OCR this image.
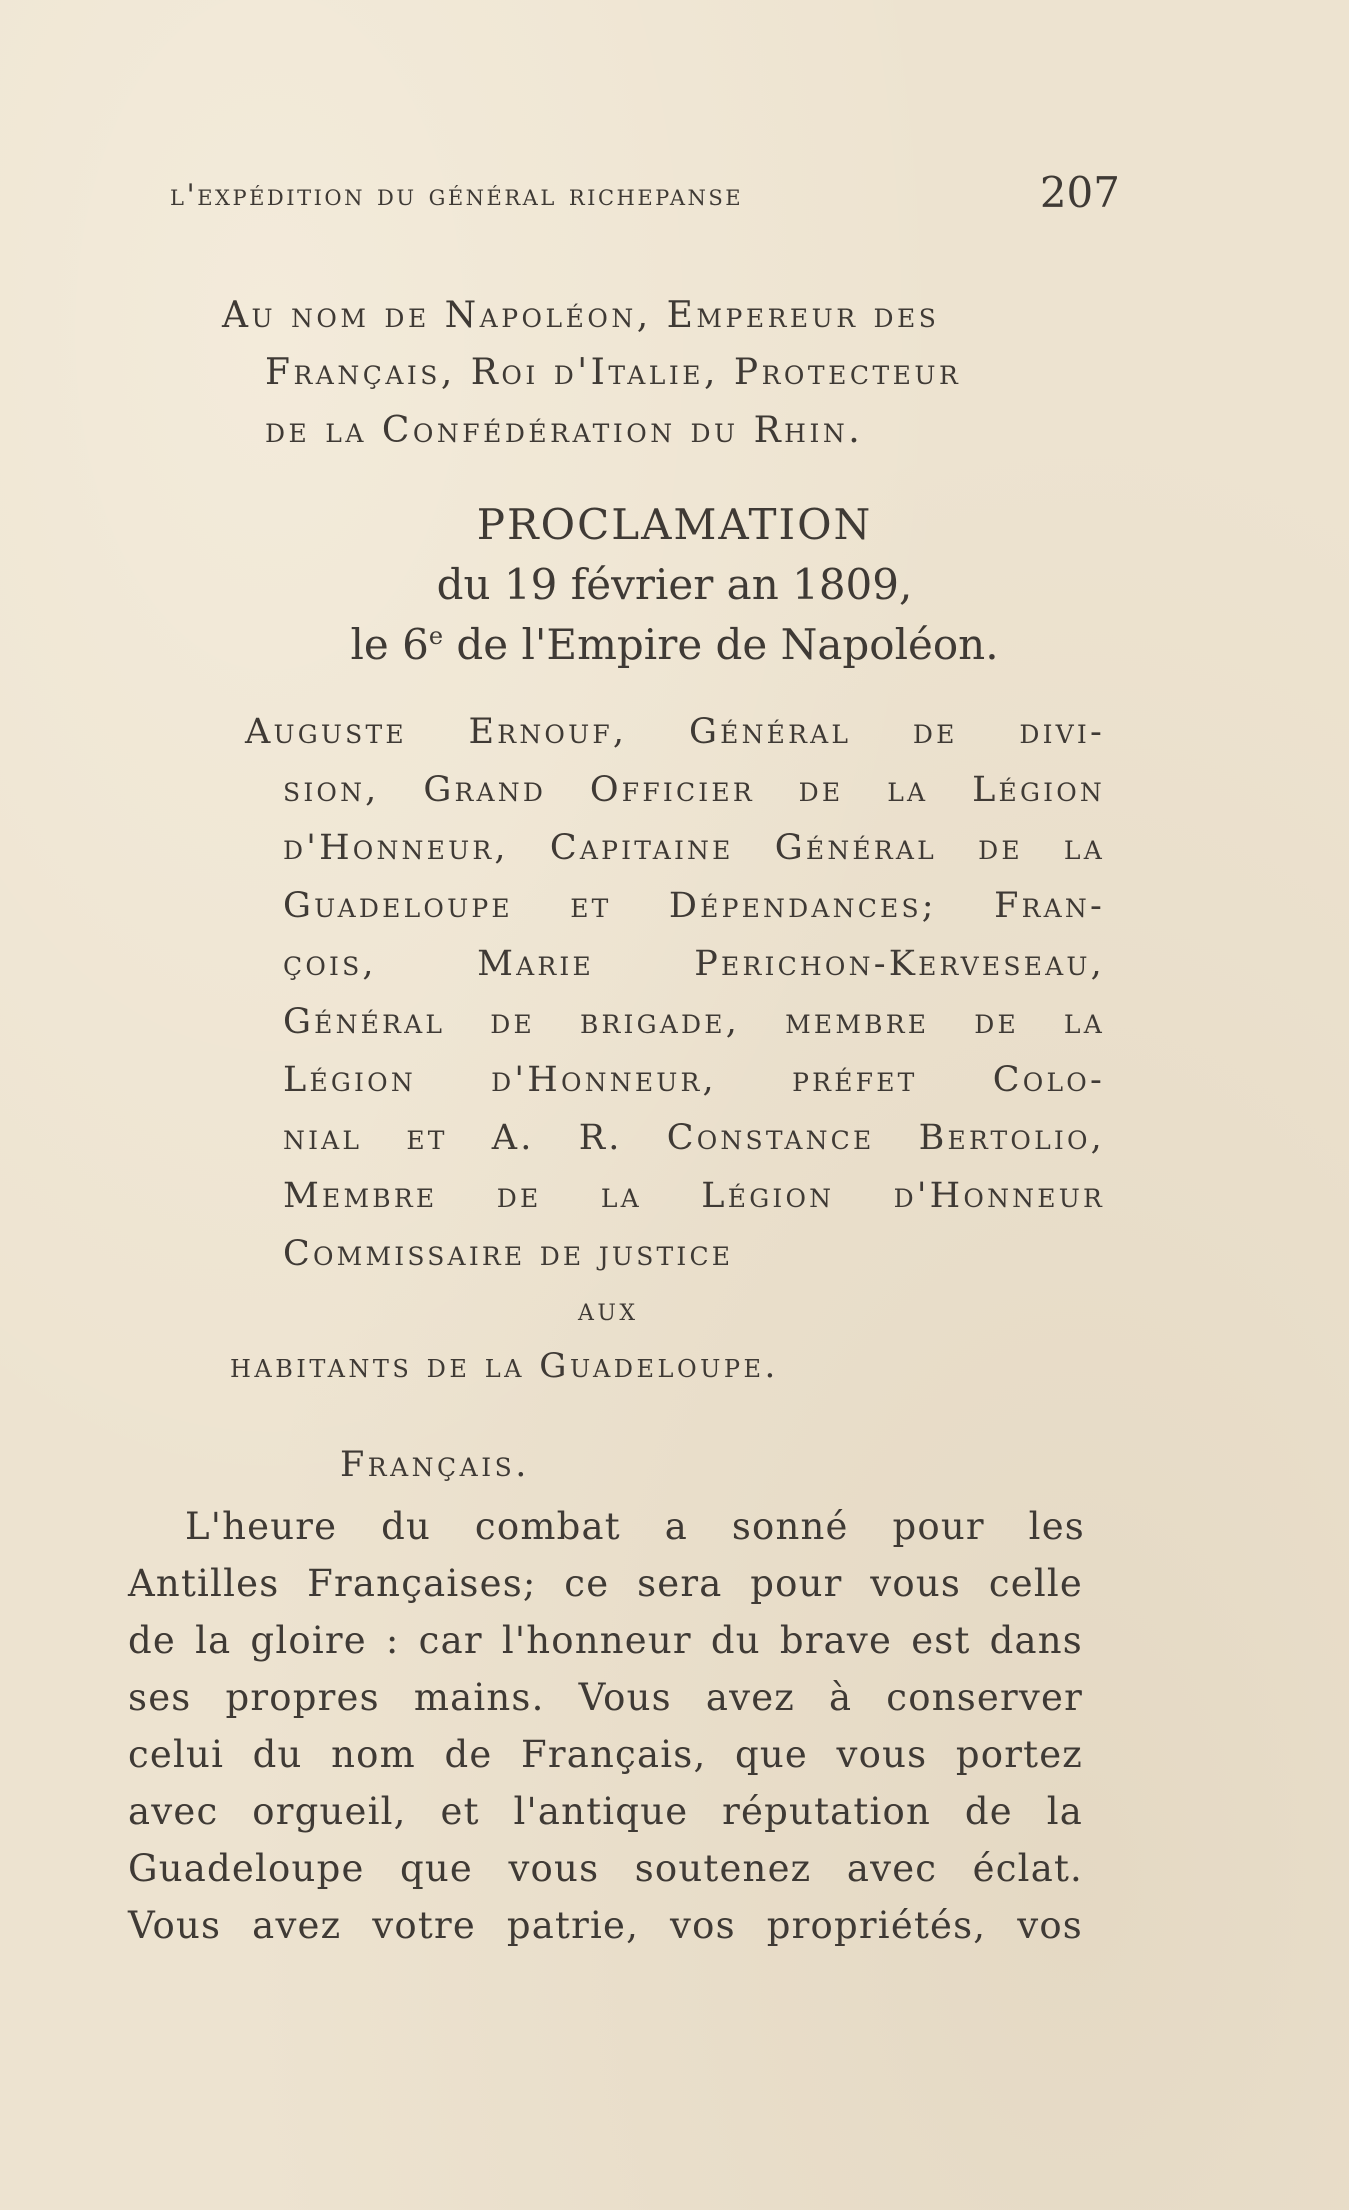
l'expédition du général richepanse	207
Au nom de Napoléon, Empereur des
Français, Roi d'Italie, Protecteur
de la Confédération du Rhin.
PROCLAMATION
du 19 février an 1809,
le 6e de l'Empire de Napoléon.
Auguste Ernouf, Général de divi-
sion, Grand Officier de la Légion
d'Honneur, Capitaine Général de la
Guadeloupe et Dépendances; Fran-
çois, Marie Perichon-Kerveseau,
Général de brigade, membre de la
Légion d'Honneur, préfet Colo-
nial et A. R. Constance Bertolio,
Membre de la Légion d'Honneur
Commissaire de justice
aux
habitants de la Guadeloupe.
Français.
L'heure du combat a sonné pour les
Antilles Françaises; ce sera pour vous celle
de la gloire : car l'honneur du brave est dans
ses propres mains. Vous avez à conserver
celui du nom de Français, que vous portez
avec orgueil, et l'antique réputation de la
Guadeloupe que vous soutenez avec éclat.
Vous avez votre patrie, vos propriétés, vos
